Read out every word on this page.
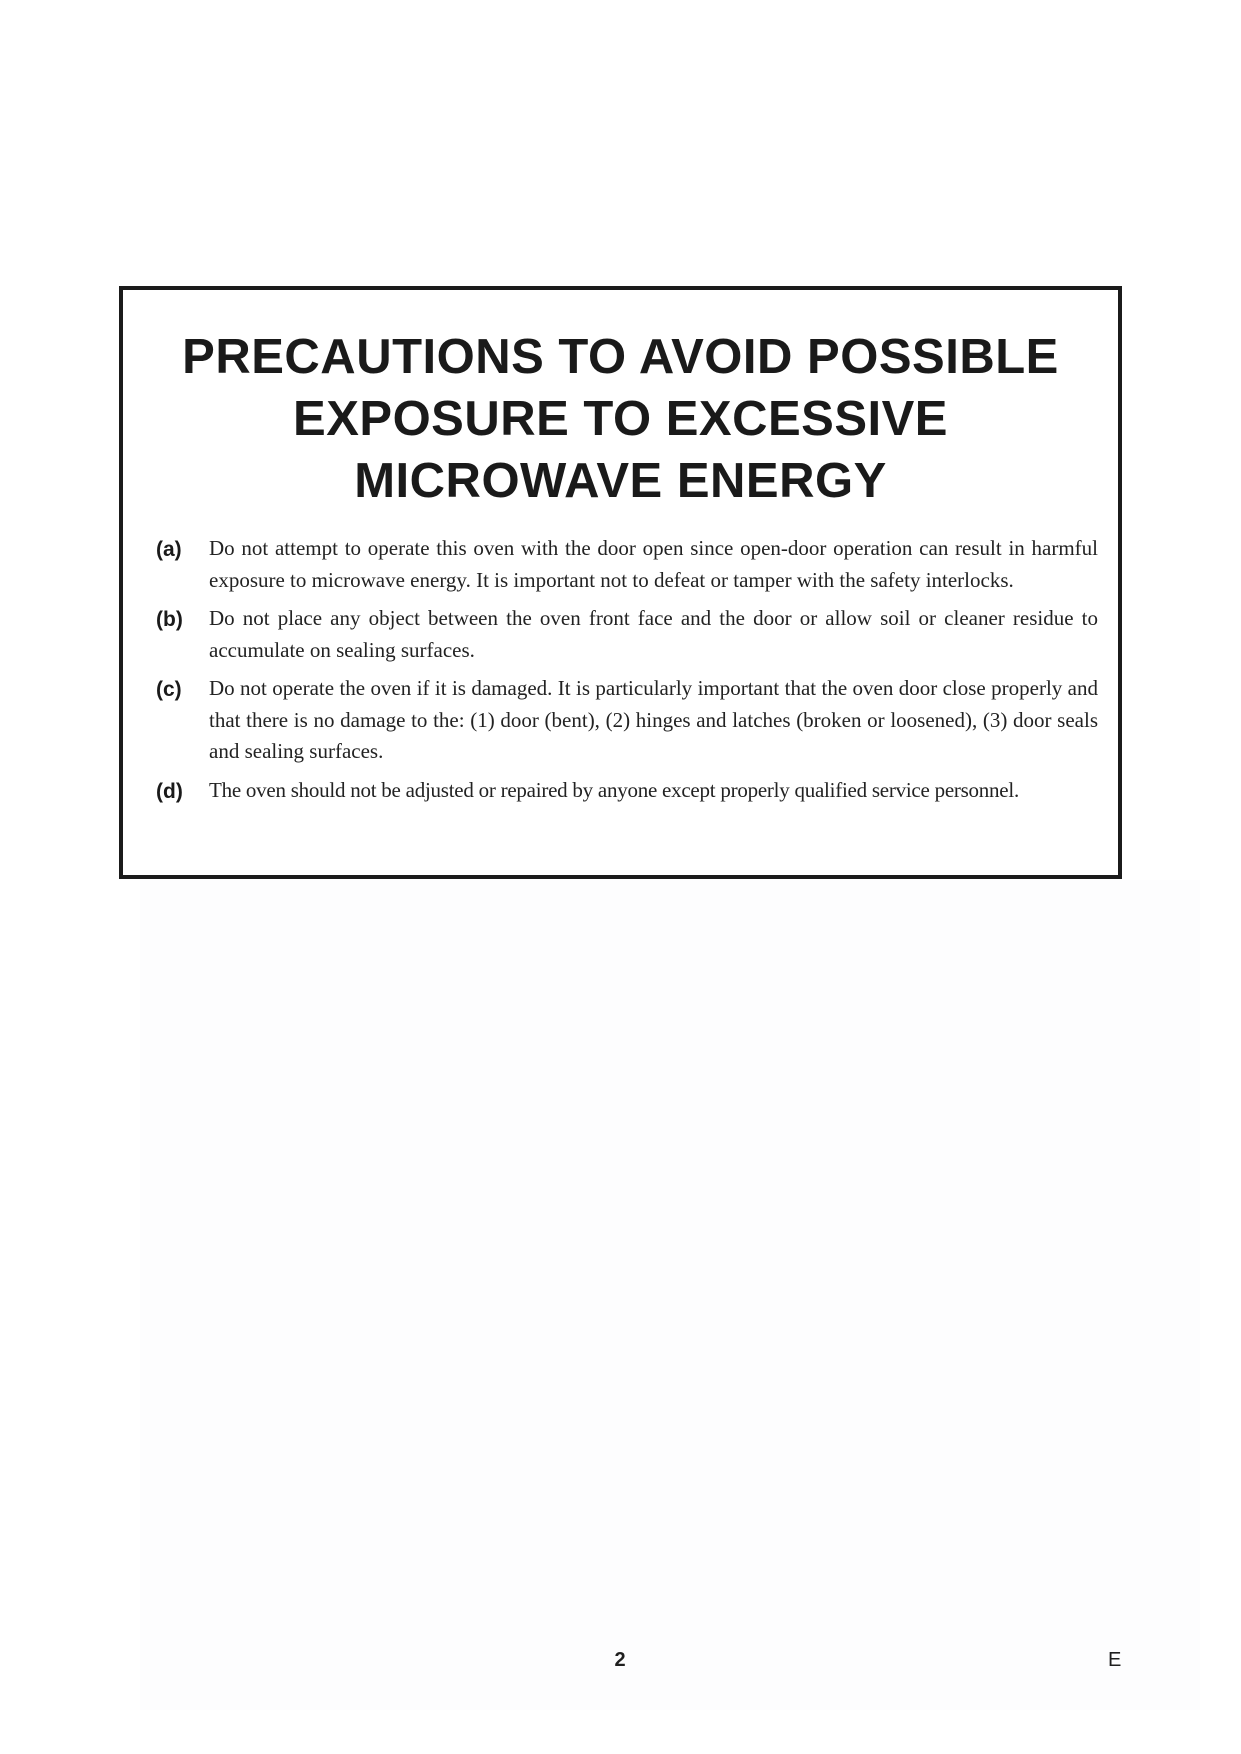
PRECAUTIONS TO AVOID POSSIBLE
EXPOSURE TO EXCESSIVE
MICROWAVE ENERGY
(a) Do not attempt to operate this oven with the door open since open-door operation can result in harmful exposure to microwave energy. It is important not to defeat or tamper with the safety interlocks.
(b) Do not place any object between the oven front face and the door or allow soil or cleaner residue to accumulate on sealing surfaces.
(c) Do not operate the oven if it is damaged. It is particularly important that the oven door close properly and that there is no damage to the: (1) door (bent), (2) hinges and latches (broken or loosened), (3) door seals and sealing surfaces.
(d) The oven should not be adjusted or repaired by anyone except properly qualified service personnel.
2	E
